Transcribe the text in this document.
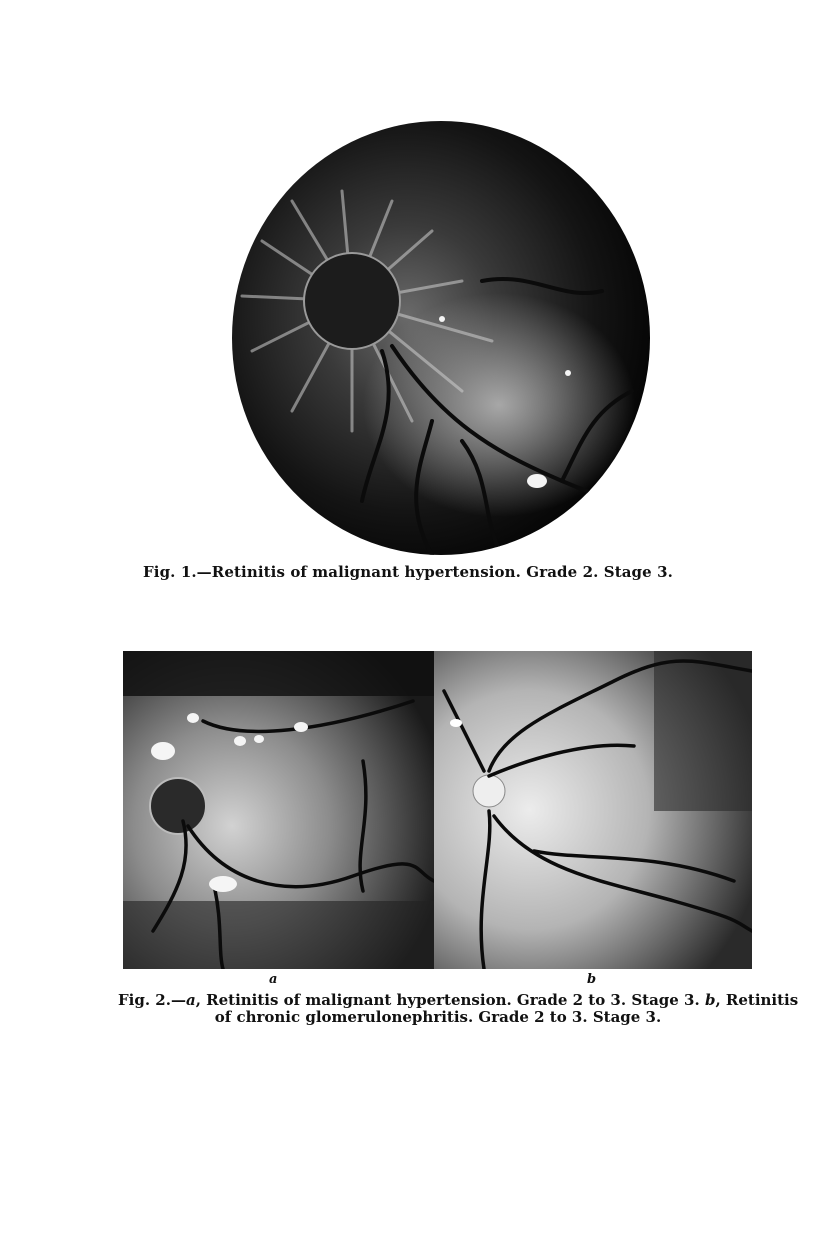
Fig. 1.—Retinitis of malignant hypertension. Grade 2. Stage 3.
a	b
Fig. 2.—a, Retinitis of malignant hypertension. Grade 2 to 3. Stage 3. b, Retinitis
of chronic glomerulonephritis. Grade 2 to 3. Stage 3.
